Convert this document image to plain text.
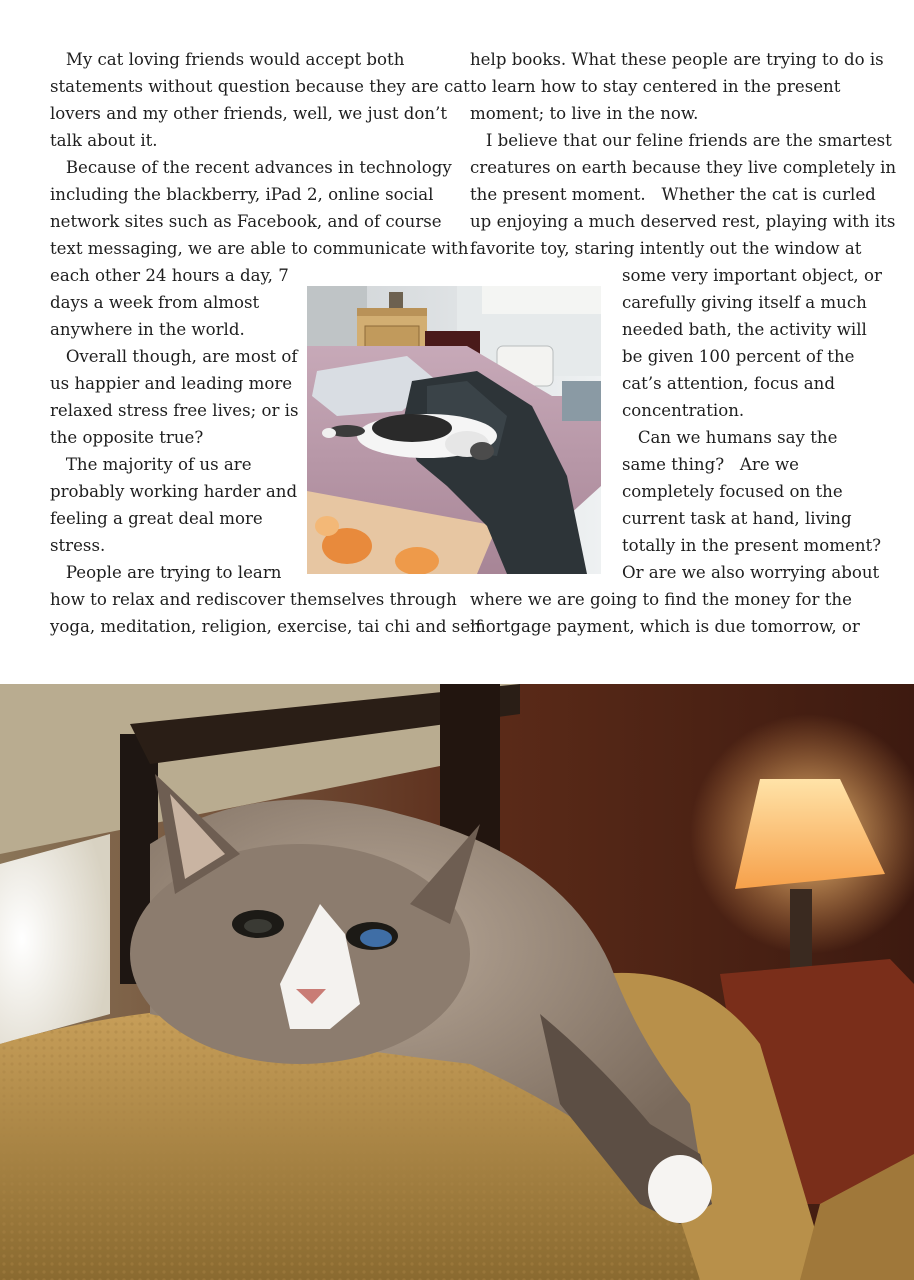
My cat loving friends would accept both

statements without question because they are cat

lovers and my other friends, well, we just don’t

talk about it.

Because of the recent advances in technology

including the blackberry, iPad 2, online social

network sites such as Facebook, and of course

text messaging, we are able to communicate with

each other 24 hours a day, 7

days a week from almost

anywhere in the world.

Overall though, are most of

us happier and leading more

relaxed stress free lives; or is

the opposite true?

The majority of us are

probably working harder and

feeling a great deal more

stress.

People are trying to learn

how to relax and rediscover themselves through

yoga, meditation, religion, exercise, tai chi and self

help books. What these people are trying to do is

to learn how to stay centered in the present

moment; to live in the now.

I believe that our feline friends are the smartest

creatures on earth because they live completely in

the present moment.   Whether the cat is curled

up enjoying a much deserved rest, playing with its

favorite toy, staring intently out the window at

some very important object, or

carefully giving itself a much

needed bath, the activity will

be given 100 percent of the

cat’s attention, focus and

concentration.

Can we humans say the

same thing?   Are we

completely focused on the

current task at hand, living

totally in the present moment?

Or are we also worrying about

where we are going to find the money for the

mortgage payment, which is due tomorrow, or
